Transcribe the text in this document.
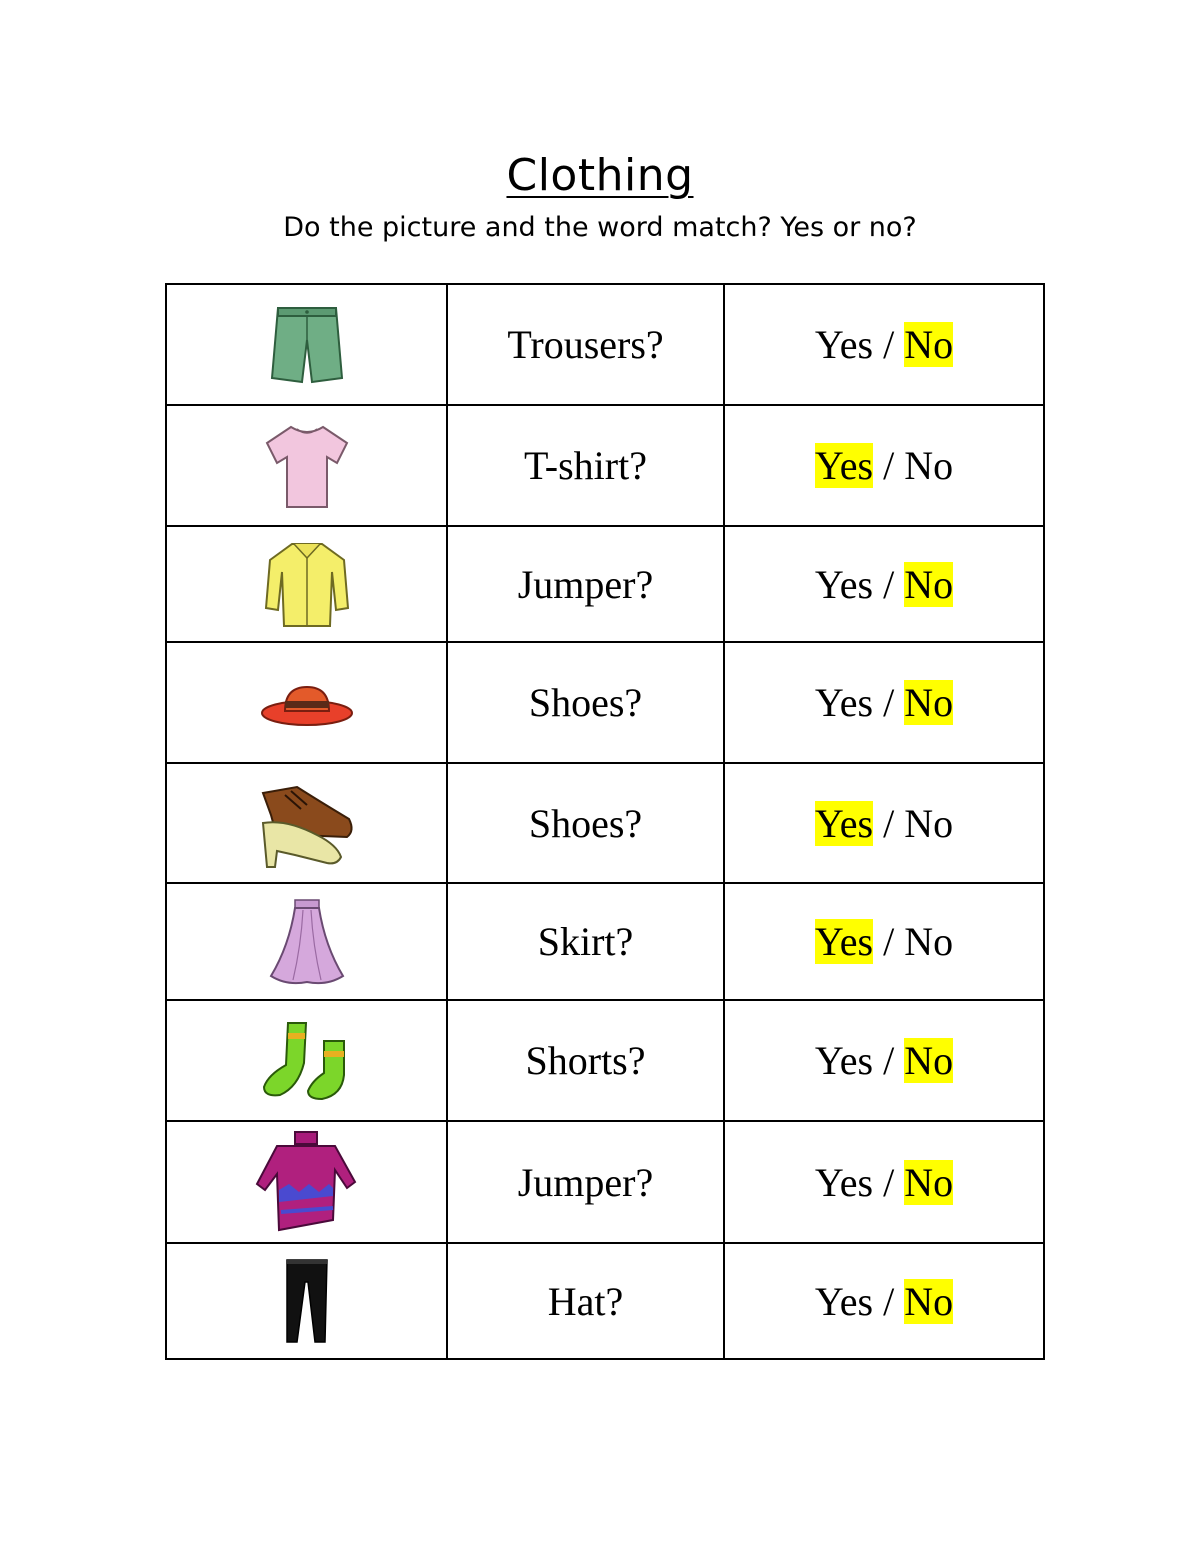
Clothing
Do the picture and the word match? Yes or no?
	Trousers?	Yes / No

	T-shirt?	Yes / No

	Jumper?	Yes / No

	Shoes?	Yes / No

	Shoes?	Yes / No

	Skirt?	Yes / No

	Shorts?	Yes / No

	Jumper?	Yes / No

	Hat?	Yes / No
